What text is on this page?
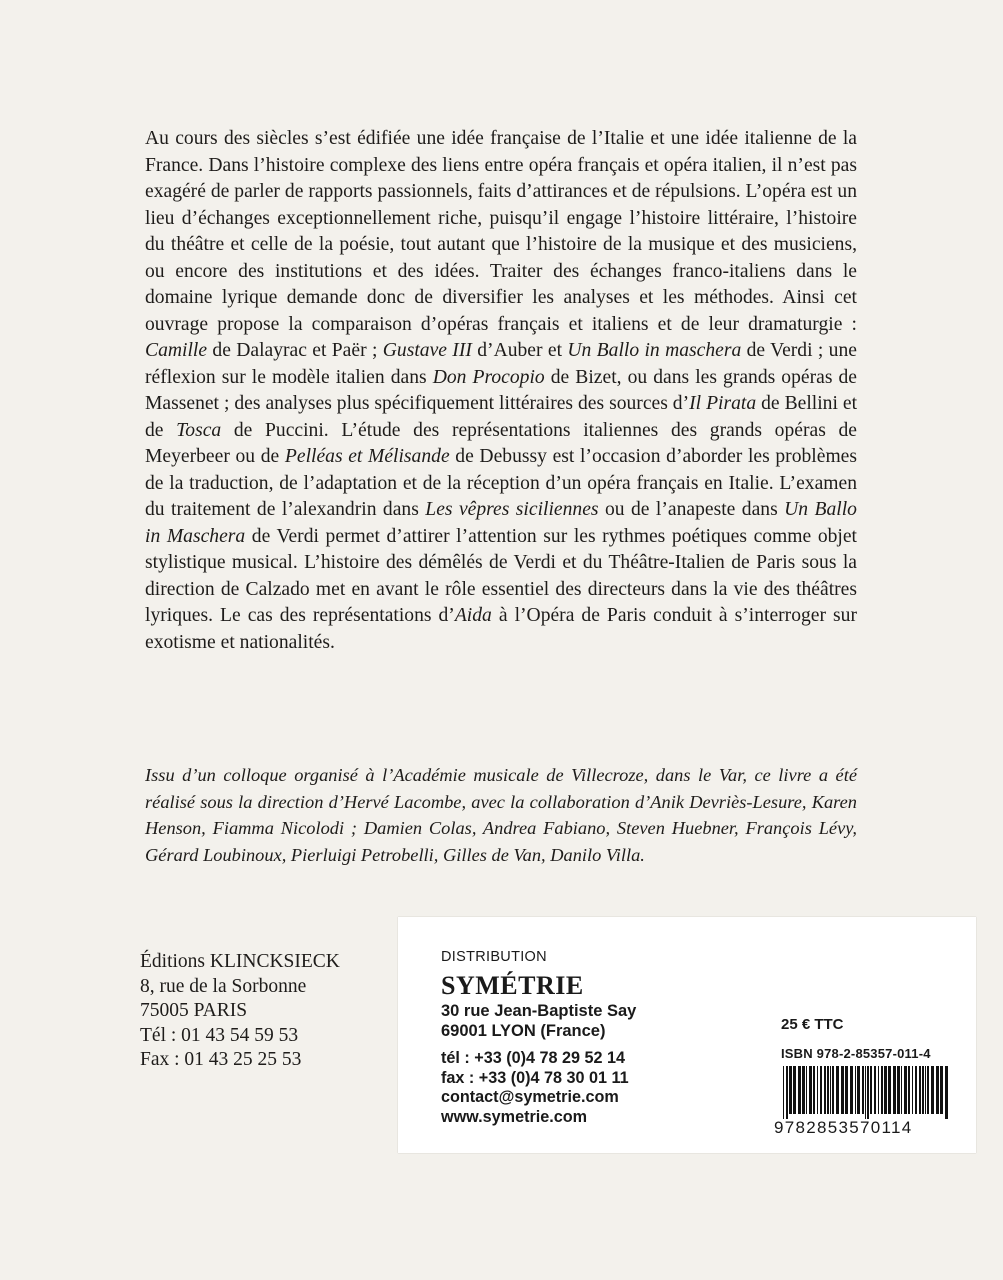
Au cours des siècles s’est édifiée une idée française de l’Italie et une idée italienne de la France. Dans l’histoire complexe des liens entre opéra français et opéra italien, il n’est pas exagéré de parler de rapports passionnels, faits d’attirances et de répulsions. L’opéra est un lieu d’échanges exceptionnellement riche, puisqu’il engage l’histoire littéraire, l’histoire du théâtre et celle de la poésie, tout autant que l’histoire de la musique et des musiciens, ou encore des institutions et des idées. Traiter des échanges franco-italiens dans le domaine lyrique demande donc de diversifier les analyses et les méthodes. Ainsi cet ouvrage propose la comparaison d’opéras français et italiens et de leur dramaturgie : Camille de Dalayrac et Paër ; Gustave III d’Auber et Un Ballo in maschera de Verdi ; une réflexion sur le modèle italien dans Don Procopio de Bizet, ou dans les grands opéras de Massenet ; des analyses plus spécifiquement littéraires des sources d’Il Pirata de Bellini et de Tosca de Puccini. L’étude des représentations italiennes des grands opéras de Meyerbeer ou de Pelléas et Mélisande de Debussy est l’occasion d’aborder les problèmes de la traduction, de l’adaptation et de la réception d’un opéra français en Italie. L’examen du traitement de l’alexandrin dans Les vêpres siciliennes ou de l’anapeste dans Un Ballo in Maschera de Verdi permet d’attirer l’attention sur les rythmes poétiques comme objet stylistique musical. L’histoire des démêlés de Verdi et du Théâtre-Italien de Paris sous la direction de Calzado met en avant le rôle essentiel des directeurs dans la vie des théâtres lyriques. Le cas des représentations d’Aida à l’Opéra de Paris conduit à s’interroger sur exotisme et nationalités.

Issu d’un colloque organisé à l’Académie musicale de Villecroze, dans le Var, ce livre a été réalisé sous la direction d’Hervé Lacombe, avec la collaboration d’Anik Devriès-Lesure, Karen Henson, Fiamma Nicolodi ; Damien Colas, Andrea Fabiano, Steven Huebner, François Lévy, Gérard Loubinoux, Pierluigi Petrobelli, Gilles de Van, Danilo Villa.

Éditions KLINCKSIECK
8, rue de la Sorbonne
75005 PARIS
Tél : 01 43 54 59 53
Fax : 01 43 25 25 53
DISTRIBUTION
SYMÉTRIE
30 rue Jean-Baptiste Say
69001 LYON (France)
tél : +33 (0)4 78 29 52 14
fax : +33 (0)4 78 30 01 11
contact@symetrie.com
www.symetrie.com
25 € TTC
ISBN 978-2-85357-011-4
9782853570114
